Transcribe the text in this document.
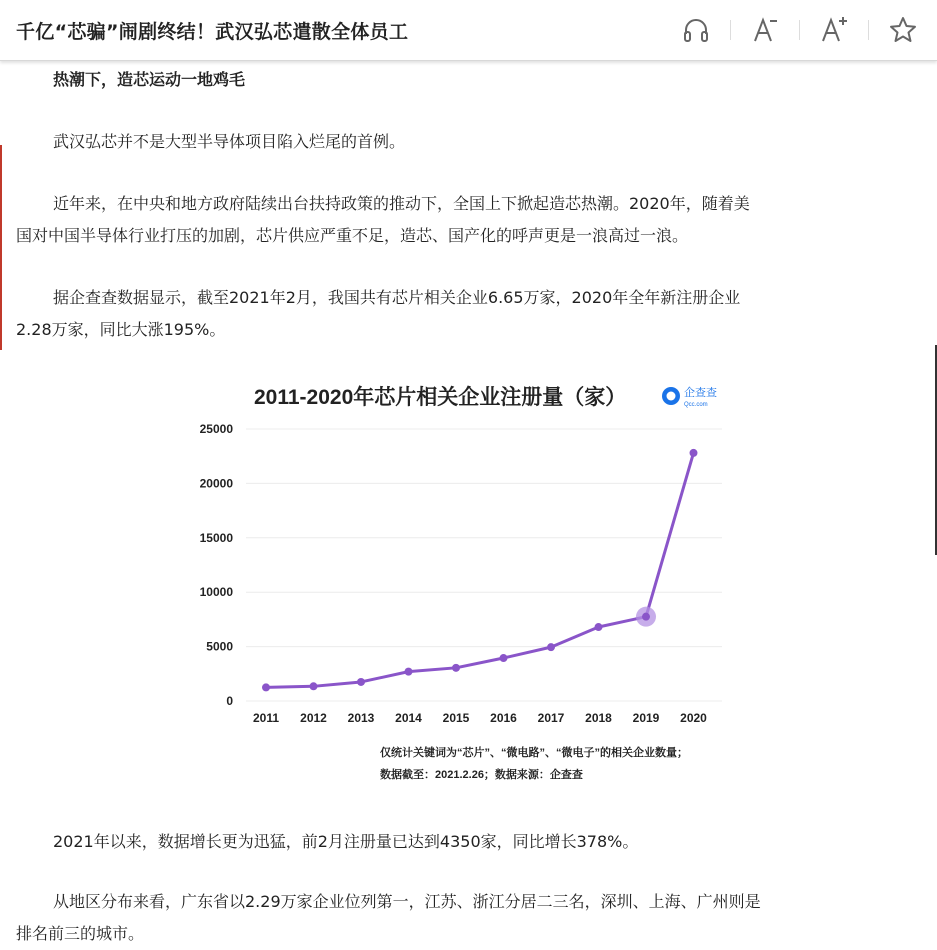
千亿“芯骗”闹剧终结！武汉弘芯遣散全体员工

热潮下，造芯运动一地鸡毛

武汉弘芯并不是大型半导体项目陷入烂尾的首例。

近年来，在中央和地方政府陆续出台扶持政策的推动下，全国上下掀起造芯热潮。2020年，随着美
国对中国半导体行业打压的加剧，芯片供应严重不足，造芯、国产化的呼声更是一浪高过一浪。

据企查查数据显示，截至2021年2月，我国共有芯片相关企业6.65万家，2020年全年新注册企业
2.28万家，同比大涨195%。

2021年以来，数据增长更为迅猛，前2月注册量已达到4350家，同比增长378%。

从地区分布来看，广东省以2.29万家企业位列第一，江苏、浙江分居二三名，深圳、上海、广州则是
排名前三的城市。

2011-2020年芯片相关企业注册量（家）	企查查
Qcc.com
0
5000
10000
15000
20000
25000
2011 2012 2013 2014 2015 2016 2017 2018 2019 2020
仅统计关键词为“芯片”、“微电路”、“微电子”的相关企业数量；
数据截至：2021.2.26；数据来源：企查查
